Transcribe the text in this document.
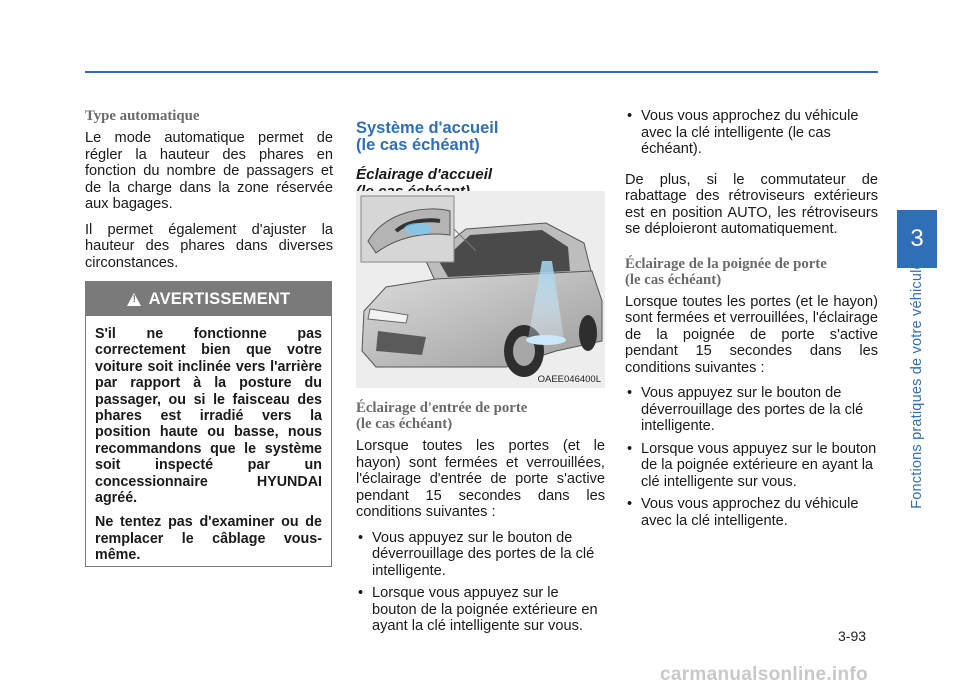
Type automatique

Le mode automatique permet de régler la hauteur des phares en fonction du nombre de passagers et de la charge dans la zone réservée aux bagages.

Il permet également d'ajuster la hauteur des phares dans diverses circonstances.

! AVERTISSEMENT

S'il ne fonctionne pas correctement bien que votre voiture soit inclinée vers l'arrière par rapport à la posture du passager, ou si le faisceau des phares est irradié vers la position haute ou basse, nous recommandons que le système soit inspecté par un concessionnaire HYUNDAI agréé.

Ne tentez pas d'examiner ou de remplacer le câblage vous-même.

Système d'accueil
(le cas échéant)
Éclairage d'accueil
OAEE046400L
Éclairage d'entrée de porte
(le cas échéant)

Lorsque toutes les portes (et le hayon) sont fermées et verrouillées, l'éclairage d'entrée de porte s'active pendant 15 secondes dans les conditions suivantes :

• Vous appuyez sur le bouton de déverrouillage des portes de la clé intelligente.
• Lorsque vous appuyez sur le bouton de la poignée extérieure en ayant la clé intelligente sur vous.
• Vous vous approchez du véhicule avec la clé intelligente (le cas échéant).

De plus, si le commutateur de rabattage des rétroviseurs extérieurs est en position AUTO, les rétroviseurs se déploieront automatiquement.

Éclairage de la poignée de porte
(le cas échéant)

Lorsque toutes les portes (et le hayon) sont fermées et verrouillées, l'éclairage de la poignée de porte s'active pendant 15 secondes dans les conditions suivantes :

• Vous appuyez sur le bouton de déverrouillage des portes de la clé intelligente.
• Lorsque vous appuyez sur le bouton de la poignée extérieure en ayant la clé intelligente sur vous.
• Vous vous approchez du véhicule avec la clé intelligente.
3
Fonctions pratiques de votre véhicule
3-93
carmanualsonline.info
